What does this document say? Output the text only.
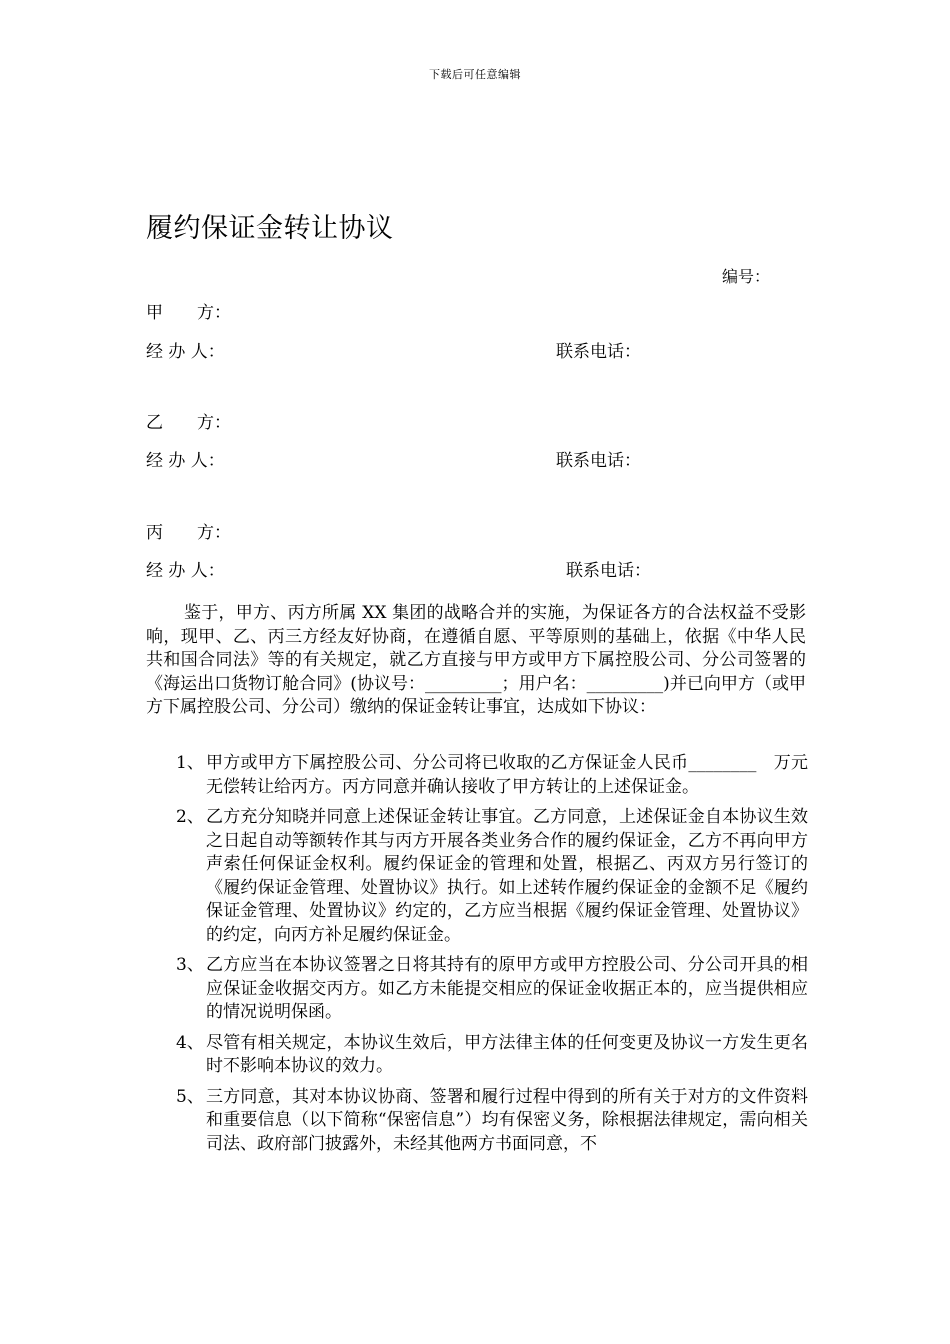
下载后可任意编辑
履约保证金转让协议
编号：
甲　　方：
经 办 人：	联系电话：
乙　　方：
经 办 人：	联系电话：
丙　　方：
经 办 人：	联系电话：

鉴于，甲方、丙方所属 XX 集团的战略合并的实施，为保证各方的合法权益不受影响，现甲、乙、丙三方经友好协商，在遵循自愿、平等原则的基础上，依据《中华人民共和国合同法》等的有关规定，就乙方直接与甲方或甲方下属控股公司、分公司签署的《海运出口货物订舱合同》(协议号：_________；用户名：_________)并已向甲方（或甲方下属控股公司、分公司）缴纳的保证金转让事宜，达成如下协议：

1、 甲方或甲方下属控股公司、分公司将已收取的乙方保证金人民币________　万元无偿转让给丙方。丙方同意并确认接收了甲方转让的上述保证金。
2、 乙方充分知晓并同意上述保证金转让事宜。乙方同意，上述保证金自本协议生效之日起自动等额转作其与丙方开展各类业务合作的履约保证金，乙方不再向甲方声索任何保证金权利。履约保证金的管理和处置，根据乙、丙双方另行签订的《履约保证金管理、处置协议》执行。如上述转作履约保证金的金额不足《履约保证金管理、处置协议》约定的，乙方应当根据《履约保证金管理、处置协议》的约定，向丙方补足履约保证金。
3、 乙方应当在本协议签署之日将其持有的原甲方或甲方控股公司、分公司开具的相应保证金收据交丙方。如乙方未能提交相应的保证金收据正本的，应当提供相应的情况说明保函。
4、 尽管有相关规定，本协议生效后，甲方法律主体的任何变更及协议一方发生更名时不影响本协议的效力。
5、 三方同意，其对本协议协商、签署和履行过程中得到的所有关于对方的文件资料和重要信息（以下简称“保密信息”）均有保密义务，除根据法律规定，需向相关司法、政府部门披露外，未经其他两方书面同意，不
